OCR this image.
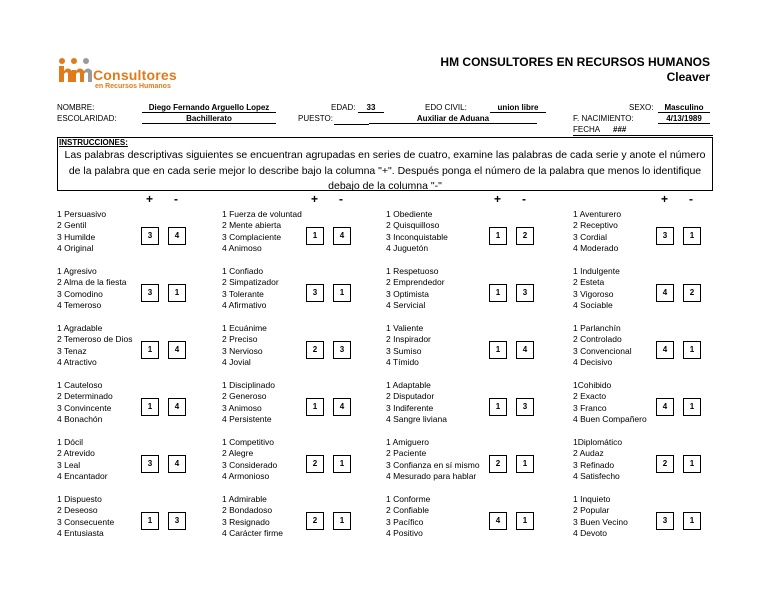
Consultores
en Recursos Humanos
HM CONSULTORES EN RECURSOS HUMANOS
Cleaver
NOMBRE:	Diego Fernando Arguello Lopez	EDAD:	33	EDO CIVIL:	union libre	SEXO:	Masculino
ESCOLARIDAD:	Bachillerato	PUESTO:	Auxiliar de Aduana	F. NACIMIENTO:	4/13/1989
FECHA ###
INSTRUCCIONES:
Las palabras descriptivas siguientes se encuentran agrupadas en series de cuatro, examine las palabras de cada serie y anote el número de la palabra que en cada serie mejor lo describe bajo la columna "+". Después ponga el número de la palabra que menos lo identifique debajo de la columna "-"
+ -
1 Persuasivo
2 Gentil
3 Humilde
4 Original
3	4
1 Agresivo
2 Alma de la fiesta
3 Comodino
4 Temeroso
3	1
1 Agradable
2 Temeroso de Dios
3 Tenaz
4 Atractivo
1	4
1 Cauteloso
2 Determinado
3 Convincente
4 Bonachón
1	4
1 Dócil
2 Atrevido
3 Leal
4 Encantador
3	4
1 Dispuesto
2 Deseoso
3 Consecuente
4 Entusiasta
1	3
+ -
1 Fuerza de voluntad
2 Mente abierta
3 Complaciente
4 Animoso
1	4
1 Confiado
2 Simpatizador
3 Tolerante
4 Afirmativo
3	1
1 Ecuánime
2 Preciso
3 Nervioso
4 Jovial
2	3
1 Disciplinado
2 Generoso
3 Animoso
4 Persistente
1	4
1 Competitivo
2 Alegre
3 Considerado
4 Armonioso
2	1
1 Admirable
2 Bondadoso
3 Resignado
4 Carácter firme
2	1
+ -
1 Obediente
2 Quisquilloso
3 Inconquistable
4 Juguetón
1	2
1 Respetuoso
2 Emprendedor
3 Optimista
4 Servicial
1	3
1 Valiente
2 Inspirador
3 Sumiso
4 Tímido
1	4
1 Adaptable
2 Disputador
3 Indiferente
4 Sangre liviana
1	3
1 Amiguero
2 Paciente
3 Confianza en sí mismo
4 Mesurado para hablar
2	1
1 Conforme
2 Confiable
3 Pacífico
4 Positivo
4	1
+ -
1 Aventurero
2 Receptivo
3 Cordial
4 Moderado
3	1
1 Indulgente
2 Esteta
3 Vigoroso
4 Sociable
4	2
1 Parlanchín
2 Controlado
3 Convencional
4 Decisivo
4	1
1Cohibido
2 Exacto
3 Franco
4 Buen Compañero
4	1
1Diplomático
2 Audaz
3 Refinado
4 Satisfecho
2	1
1 Inquieto
2 Popular
3 Buen Vecino
4 Devoto
3	1
